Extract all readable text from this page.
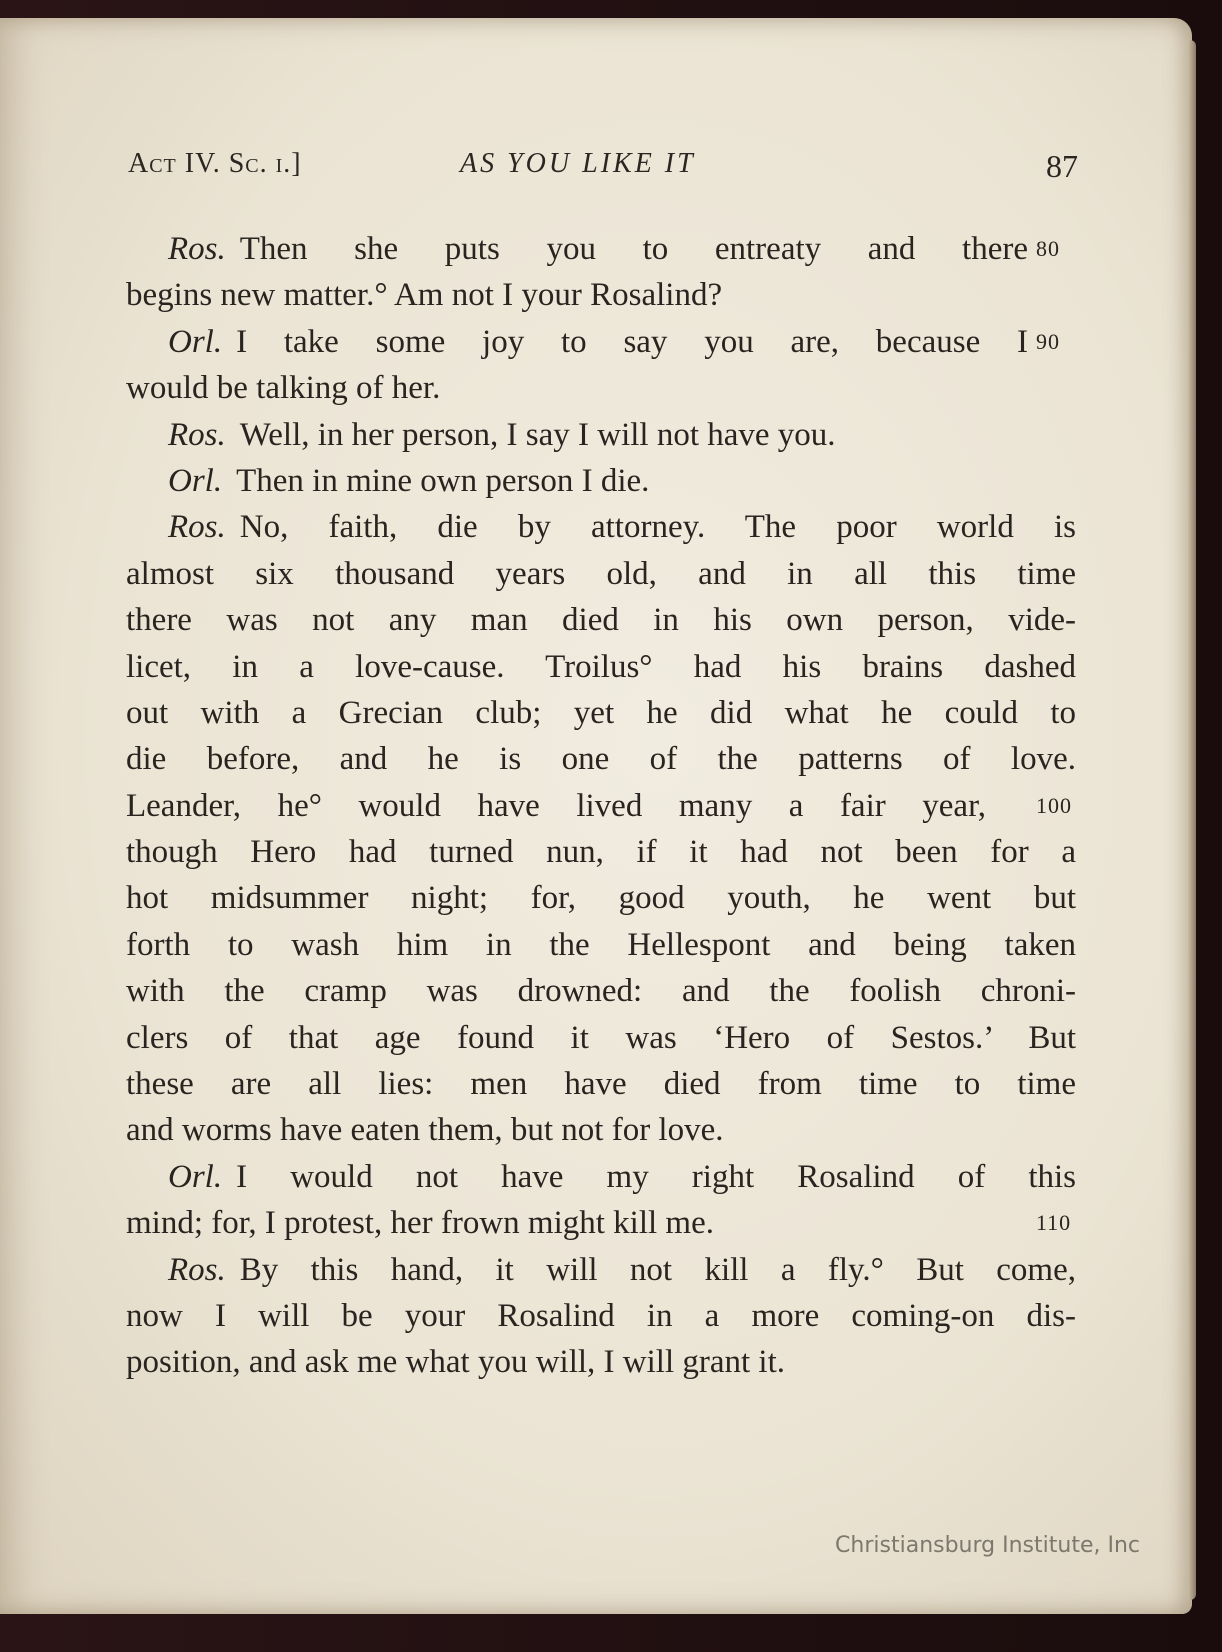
Act IV. Sc. i.]	AS YOU LIKE IT	87
Ros. Then she puts you to entreaty and there 80
begins new matter.° Am not I your Rosalind?
Orl. I take some joy to say you are, because I 90
would be talking of her.
Ros. Well, in her person, I say I will not have you.
Orl. Then in mine own person I die.
Ros. No, faith, die by attorney. The poor world is
almost six thousand years old, and in all this time
there was not any man died in his own person, vide-
licet, in a love-cause. Troilus° had his brains dashed
out with a Grecian club; yet he did what he could to
die before, and he is one of the patterns of love.
Leander, he° would have lived many a fair year, 100
though Hero had turned nun, if it had not been for a
hot midsummer night; for, good youth, he went but
forth to wash him in the Hellespont and being taken
with the cramp was drowned: and the foolish chroni-
clers of that age found it was ‘Hero of Sestos.’ But
these are all lies: men have died from time to time
and worms have eaten them, but not for love.
Orl. I would not have my right Rosalind of this
mind; for, I protest, her frown might kill me.	110
Ros. By this hand, it will not kill a fly.° But come,
now I will be your Rosalind in a more coming-on dis-
position, and ask me what you will, I will grant it.
Christiansburg Institute, Inc
